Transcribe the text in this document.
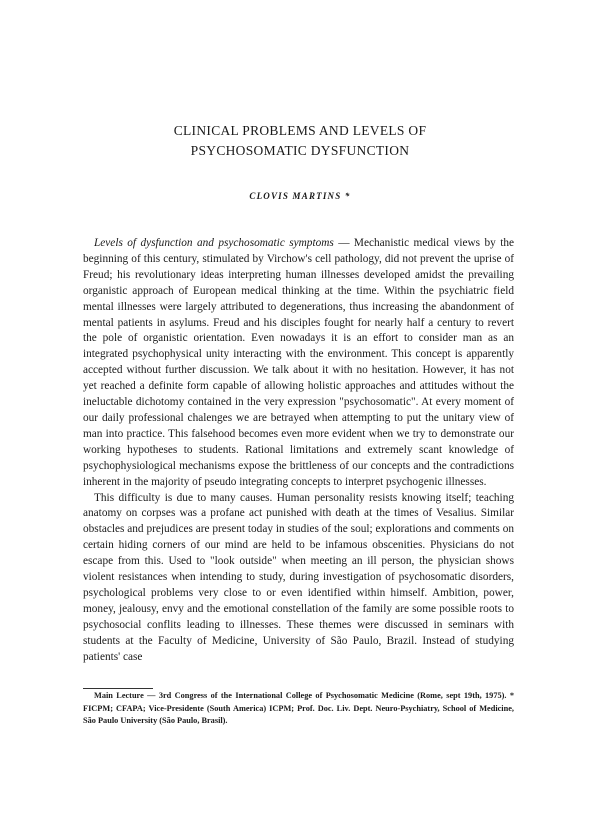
CLINICAL PROBLEMS AND LEVELS OF
PSYCHOSOMATIC DYSFUNCTION
CLOVIS MARTINS *

Levels of dysfunction and psychosomatic symptoms — Mechanistic medical views by the beginning of this century, stimulated by Virchow's cell pathology, did not prevent the uprise of Freud; his revolutionary ideas interpreting human illnesses developed amidst the prevailing organistic approach of European medical thinking at the time. Within the psychiatric field mental illnesses were largely attributed to degenerations, thus increasing the abandonment of mental patients in asylums. Freud and his disciples fought for nearly half a century to revert the pole of organistic orientation. Even nowadays it is an effort to consider man as an integrated psychophysical unity interacting with the environment. This concept is apparently accepted without further discussion. We talk about it with no hesitation. However, it has not yet reached a definite form capable of allowing holistic approaches and attitudes without the ineluctable dichotomy contained in the very expression "psychosomatic". At every moment of our daily professional chalenges we are betrayed when attempting to put the unitary view of man into practice. This falsehood becomes even more evident when we try to demonstrate our working hypotheses to students. Rational limitations and extremely scant knowledge of psychophysiological mechanisms expose the brittleness of our concepts and the contradictions inherent in the majority of pseudo integrating concepts to interpret psychogenic illnesses.

This difficulty is due to many causes. Human personality resists knowing itself; teaching anatomy on corpses was a profane act punished with death at the times of Vesalius. Similar obstacles and prejudices are present today in studies of the soul; explorations and comments on certain hiding corners of our mind are held to be infamous obscenities. Physicians do not escape from this. Used to "look outside" when meeting an ill person, the physician shows violent resistances when intending to study, during investigation of psychosomatic disorders, psychological problems very close to or even identified within himself. Ambition, power, money, jealousy, envy and the emotional constellation of the family are some possible roots to psychosocial conflits leading to illnesses. These themes were discussed in seminars with students at the Faculty of Medicine, University of São Paulo, Brazil. Instead of studying patients' case

Main Lecture — 3rd Congress of the International College of Psychosomatic Medicine (Rome, sept 19th, 1975). * FICPM; CFAPA; Vice-Presidente (South America) ICPM; Prof. Doc. Liv. Dept. Neuro-Psychiatry, School of Medicine, São Paulo University (São Paulo, Brasil).
